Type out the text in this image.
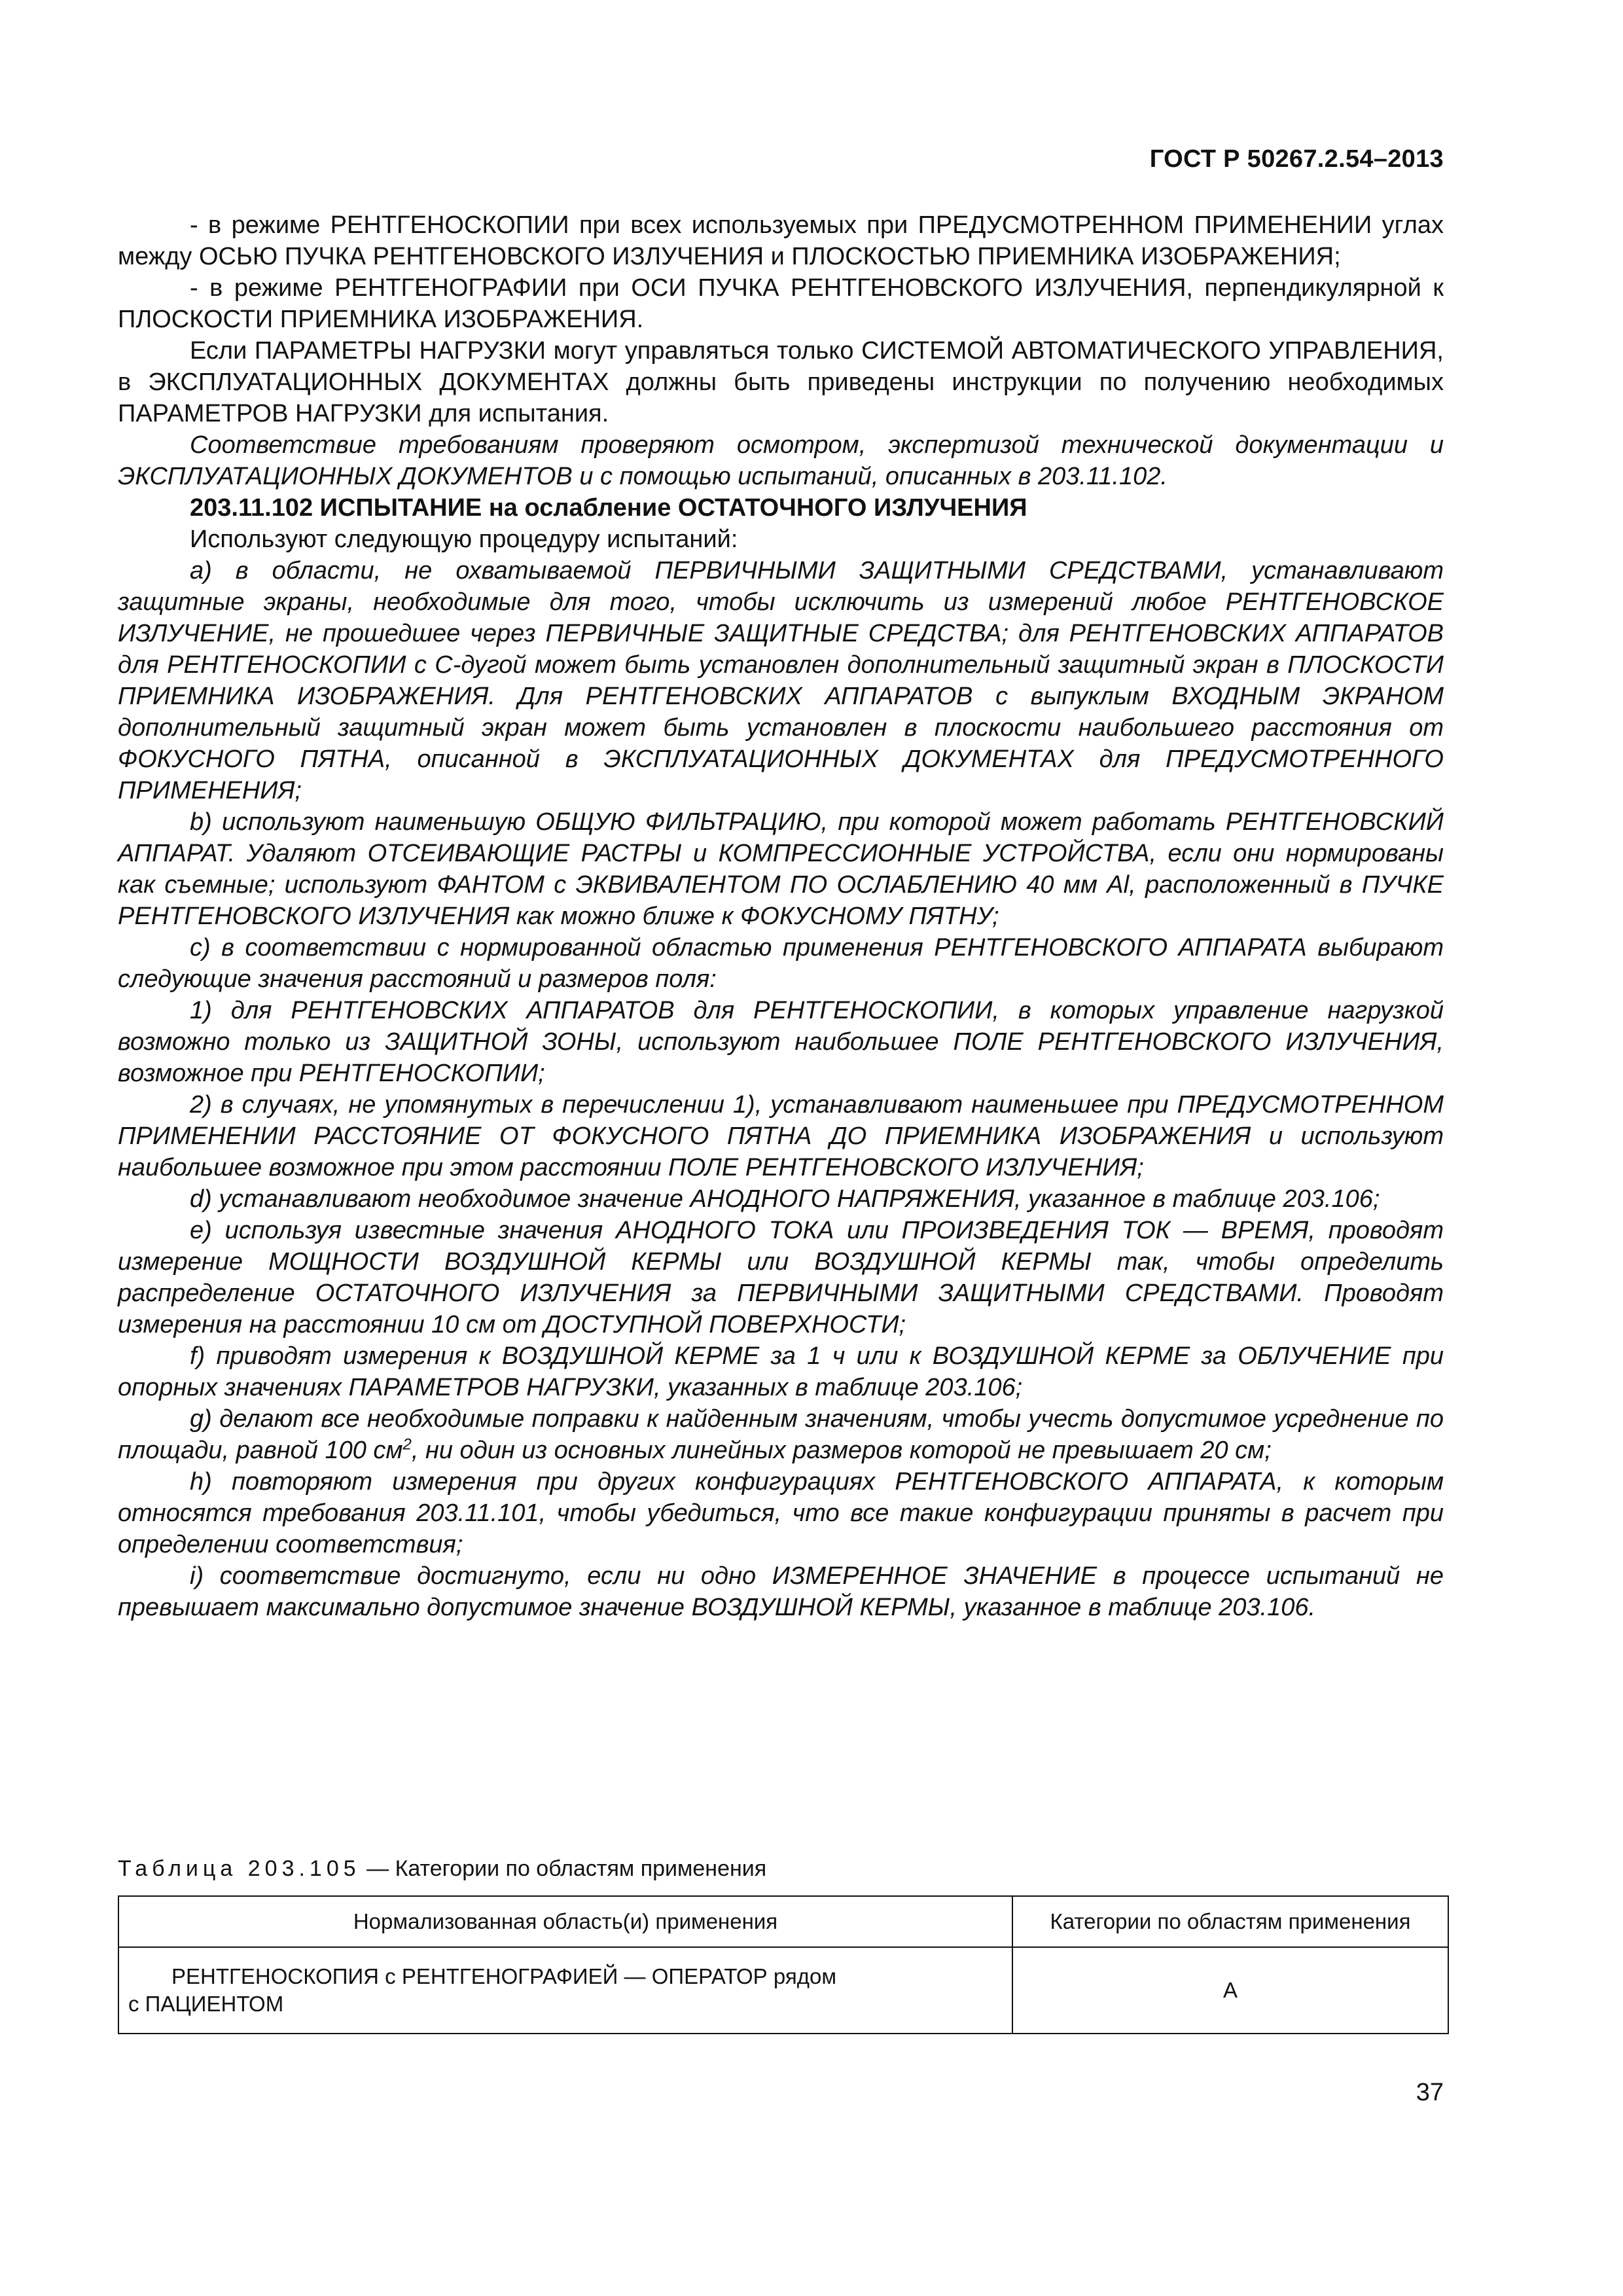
ГОСТ Р 50267.2.54–2013

- в режиме РЕНТГЕНОСКОПИИ при всех используемых при ПРЕДУСМОТРЕННОМ ПРИМЕНЕНИИ углах между ОСЬЮ ПУЧКА РЕНТГЕНОВСКОГО ИЗЛУЧЕНИЯ и ПЛОСКОСТЬЮ ПРИЕМНИКА ИЗОБРАЖЕНИЯ;

- в режиме РЕНТГЕНОГРАФИИ при ОСИ ПУЧКА РЕНТГЕНОВСКОГО ИЗЛУЧЕНИЯ, перпендикулярной к ПЛОСКОСТИ ПРИЕМНИКА ИЗОБРАЖЕНИЯ.

Если ПАРАМЕТРЫ НАГРУЗКИ могут управляться только СИСТЕМОЙ АВТОМАТИЧЕСКОГО УПРАВЛЕНИЯ, в ЭКСПЛУАТАЦИОННЫХ ДОКУМЕНТАХ должны быть приведены инструкции по получению необходимых ПАРАМЕТРОВ НАГРУЗКИ для испытания.

Соответствие требованиям проверяют осмотром, экспертизой технической документации и ЭКСПЛУАТАЦИОННЫХ ДОКУМЕНТОВ и с помощью испытаний, описанных в 203.11.102.

203.11.102 ИСПЫТАНИЕ на ослабление ОСТАТОЧНОГО ИЗЛУЧЕНИЯ

Используют следующую процедуру испытаний:

а) в области, не охватываемой ПЕРВИЧНЫМИ ЗАЩИТНЫМИ СРЕДСТВАМИ, устанавливают защитные экраны, необходимые для того, чтобы исключить из измерений любое РЕНТГЕНОВСКОЕ ИЗЛУЧЕНИЕ, не прошедшее через ПЕРВИЧНЫЕ ЗАЩИТНЫЕ СРЕДСТВА; для РЕНТГЕНОВСКИХ АППАРАТОВ для РЕНТГЕНОСКОПИИ с С-дугой может быть установлен дополнительный защитный экран в ПЛОСКОСТИ ПРИЕМНИКА ИЗОБРАЖЕНИЯ. Для РЕНТГЕНОВСКИХ АППАРАТОВ с выпуклым ВХОДНЫМ ЭКРАНОМ дополнительный защитный экран может быть установлен в плоскости наибольшего расстояния от ФОКУСНОГО ПЯТНА, описанной в ЭКСПЛУАТАЦИОННЫХ ДОКУМЕНТАХ для ПРЕДУСМОТРЕННОГО ПРИМЕНЕНИЯ;

b) используют наименьшую ОБЩУЮ ФИЛЬТРАЦИЮ, при которой может работать РЕНТГЕНОВСКИЙ АППАРАТ. Удаляют ОТСЕИВАЮЩИЕ РАСТРЫ и КОМПРЕССИОННЫЕ УСТРОЙСТВА, если они нормированы как съемные; используют ФАНТОМ с ЭКВИВАЛЕНТОМ ПО ОСЛАБЛЕНИЮ 40 мм Al, расположенный в ПУЧКЕ РЕНТГЕНОВСКОГО ИЗЛУЧЕНИЯ как можно ближе к ФОКУСНОМУ ПЯТНУ;

c) в соответствии с нормированной областью применения РЕНТГЕНОВСКОГО АППАРАТА выбирают следующие значения расстояний и размеров поля:

1) для РЕНТГЕНОВСКИХ АППАРАТОВ для РЕНТГЕНОСКОПИИ, в которых управление нагрузкой возможно только из ЗАЩИТНОЙ ЗОНЫ, используют наибольшее ПОЛЕ РЕНТГЕНОВСКОГО ИЗЛУЧЕНИЯ, возможное при РЕНТГЕНОСКОПИИ;

2) в случаях, не упомянутых в перечислении 1), устанавливают наименьшее при ПРЕДУСМОТРЕННОМ ПРИМЕНЕНИИ РАССТОЯНИЕ ОТ ФОКУСНОГО ПЯТНА ДО ПРИЕМНИКА ИЗОБРАЖЕНИЯ и используют наибольшее возможное при этом расстоянии ПОЛЕ РЕНТГЕНОВСКОГО ИЗЛУЧЕНИЯ;

d) устанавливают необходимое значение АНОДНОГО НАПРЯЖЕНИЯ, указанное в таблице 203.106;

e) используя известные значения АНОДНОГО ТОКА или ПРОИЗВЕДЕНИЯ ТОК — ВРЕМЯ, проводят измерение МОЩНОСТИ ВОЗДУШНОЙ КЕРМЫ или ВОЗДУШНОЙ КЕРМЫ так, чтобы определить распределение ОСТАТОЧНОГО ИЗЛУЧЕНИЯ за ПЕРВИЧНЫМИ ЗАЩИТНЫМИ СРЕДСТВАМИ. Проводят измерения на расстоянии 10 см от ДОСТУПНОЙ ПОВЕРХНОСТИ;

f) приводят измерения к ВОЗДУШНОЙ КЕРМЕ за 1 ч или к ВОЗДУШНОЙ КЕРМЕ за ОБЛУЧЕНИЕ при опорных значениях ПАРАМЕТРОВ НАГРУЗКИ, указанных в таблице 203.106;

g) делают все необходимые поправки к найденным значениям, чтобы учесть допустимое усреднение по площади, равной 100 $см^2$, ни один из основных линейных размеров которой не превышает 20 см;

h) повторяют измерения при других конфигурациях РЕНТГЕНОВСКОГО АППАРАТА, к которым относятся требования 203.11.101, чтобы убедиться, что все такие конфигурации приняты в расчет при определении соответствия;

i) соответствие достигнуто, если ни одно ИЗМЕРЕННОЕ ЗНАЧЕНИЕ в процессе испытаний не превышает максимально допустимое значение ВОЗДУШНОЙ КЕРМЫ, указанное в таблице 203.106.

Таблица 203.105 — Категории по областям применения
Нормализованная область(и) применения	Категории по областям применения

РЕНТГЕНОСКОПИЯ с РЕНТГЕНОГРАФИЕЙ — ОПЕРАТОР рядом
с ПАЦИЕНТОМ	А
37
